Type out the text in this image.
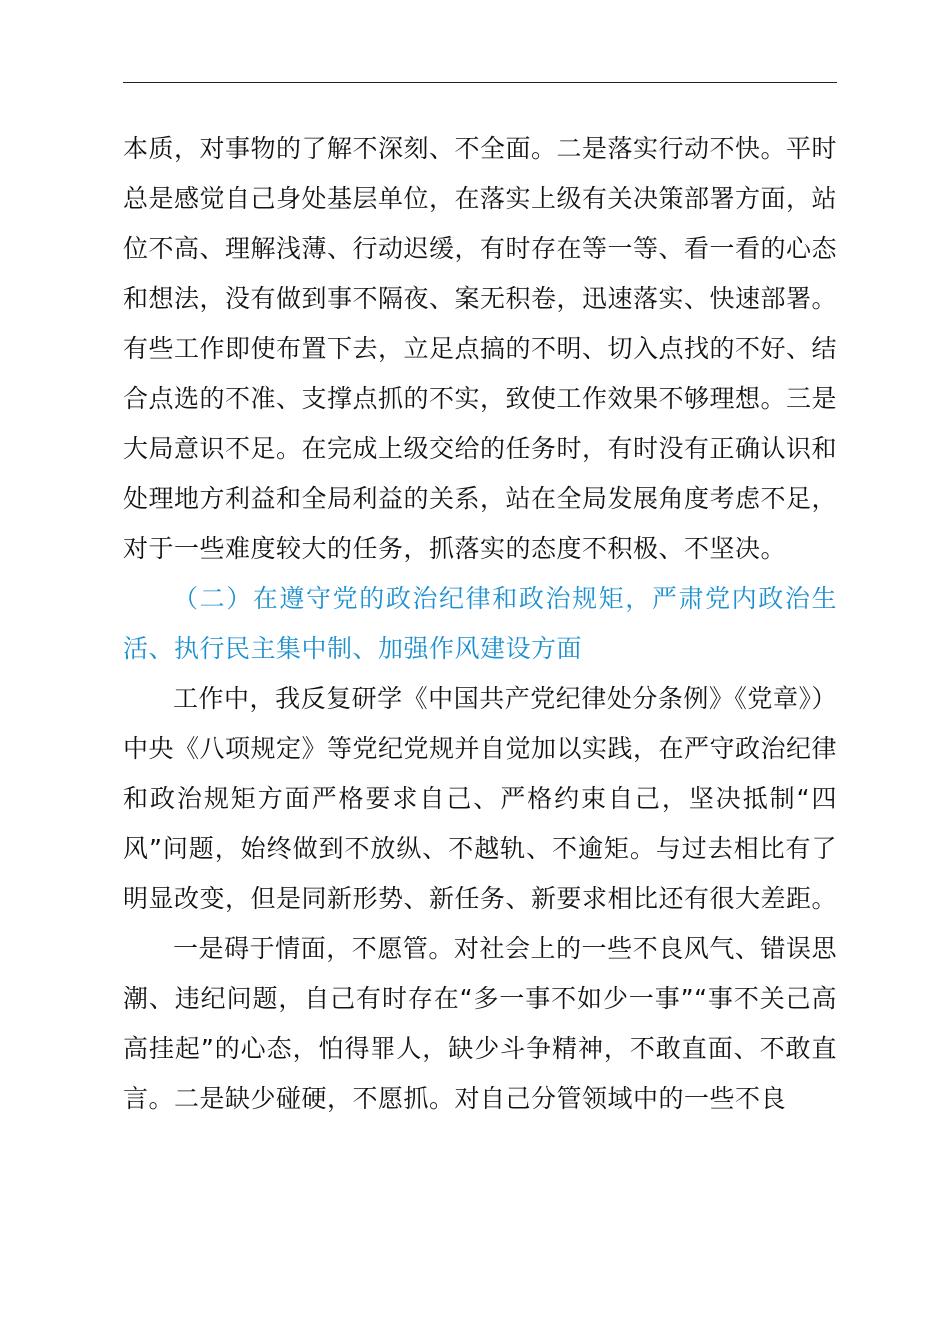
本质，对事物的了解不深刻、不全面。二是落实行动不快。平时总是感觉自己身处基层单位，在落实上级有关决策部署方面，站位不高、理解浅薄、行动迟缓，有时存在等一等、看一看的心态和想法，没有做到事不隔夜、案无积卷，迅速落实、快速部署。有些工作即使布置下去，立足点搞的不明、切入点找的不好、结合点选的不准、支撑点抓的不实，致使工作效果不够理想。三是大局意识不足。在完成上级交给的任务时，有时没有正确认识和处理地方利益和全局利益的关系，站在全局发展角度考虑不足，对于一些难度较大的任务，抓落实的态度不积极、不坚决。

（二）在遵守党的政治纪律和政治规矩，严肃党内政治生活、执行民主集中制、加强作风建设方面

工作中，我反复研学《中国共产党纪律处分条例》《党章》）中央《八项规定》等党纪党规并自觉加以实践，在严守政治纪律和政治规矩方面严格要求自己、严格约束自己，坚决抵制“四风”问题，始终做到不放纵、不越轨、不逾矩。与过去相比有了明显改变，但是同新形势、新任务、新要求相比还有很大差距。

一是碍于情面，不愿管。对社会上的一些不良风气、错误思潮、违纪问题，自己有时存在“多一事不如少一事”“事不关己高高挂起”的心态，怕得罪人，缺少斗争精神，不敢直面、不敢直言。二是缺少碰硬，不愿抓。对自己分管领域中的一些不良
